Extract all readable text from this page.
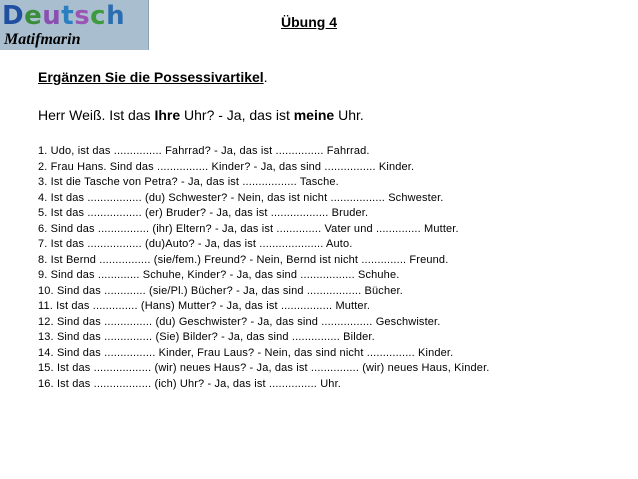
Deutsch
Matifmarin
Übung 4
Ergänzen Sie die Possessivartikel.
Herr Weiß. Ist das Ihre Uhr? - Ja, das ist meine Uhr.
1. Udo, ist das ............... Fahrrad? - Ja, das ist ............... Fahrrad.
2. Frau Hans. Sind das ................ Kinder? - Ja, das sind ................ Kinder.
3. Ist die Tasche von Petra? - Ja, das ist ................. Tasche.
4. Ist das ................. (du) Schwester? - Nein, das ist nicht ................. Schwester.
5. Ist das ................. (er) Bruder? - Ja, das ist .................. Bruder.
6. Sind das ................ (ihr) Eltern? - Ja, das ist .............. Vater und .............. Mutter.
7. Ist das ................. (du)Auto? - Ja, das ist .................... Auto.
8. Ist Bernd ................ (sie/fem.) Freund? - Nein, Bernd ist nicht .............. Freund.
9. Sind das ............. Schuhe, Kinder? - Ja, das sind ................. Schuhe.
10. Sind das ............. (sie/Pl.) Bücher? - Ja, das sind ................. Bücher.
11. Ist das .............. (Hans) Mutter? - Ja, das ist ................ Mutter.
12. Sind das ............... (du) Geschwister? - Ja, das sind ................ Geschwister.
13. Sind das ............... (Sie) Bilder? - Ja, das sind ............... Bilder.
14. Sind das ................ Kinder, Frau Laus? - Nein, das sind nicht ............... Kinder.
15. Ist das .................. (wir) neues Haus? - Ja, das ist ............... (wir) neues Haus, Kinder.
16. Ist das .................. (ich) Uhr? - Ja, das ist ............... Uhr.
